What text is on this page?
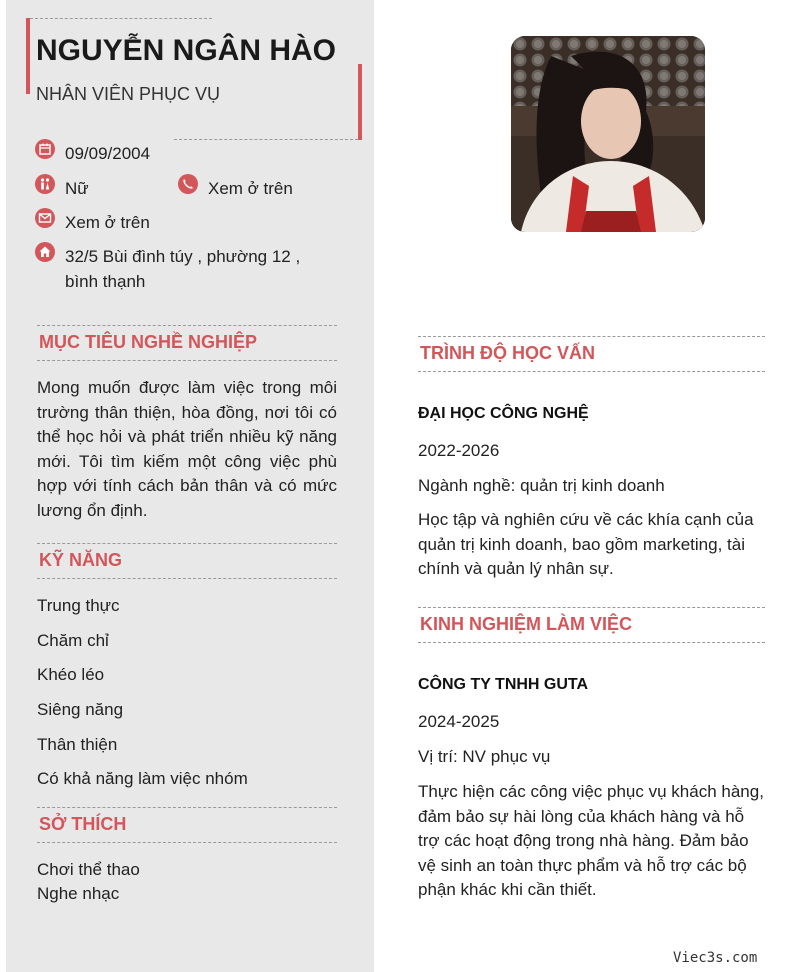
NGUYỄN NGÂN HÀO
NHÂN VIÊN PHỤC VỤ
09/09/2004
Nữ	Xem ở trên
Xem ở trên
32/5 Bùi đình túy , phường 12 ,
bình thạnh
MỤC TIÊU NGHỀ NGHIỆP
Mong muốn được làm việc trong môi trường thân thiện, hòa đồng, nơi tôi có thể học hỏi và phát triển nhiều kỹ năng mới. Tôi tìm kiếm một công việc phù hợp với tính cách bản thân và có mức lương ổn định.
KỸ NĂNG
Trung thực
Chăm chỉ
Khéo léo
Siêng năng
Thân thiện
Có khả năng làm việc nhóm
SỞ THÍCH
Chơi thể thao
Nghe nhạc
TRÌNH ĐỘ HỌC VẤN
ĐẠI HỌC CÔNG NGHỆ
2022-2026
Ngành nghề: quản trị kinh doanh
Học tập và nghiên cứu về các khía cạnh của quản trị kinh doanh, bao gồm marketing, tài chính và quản lý nhân sự.
KINH NGHIỆM LÀM VIỆC
CÔNG TY TNHH GUTA
2024-2025
Vị trí: NV phục vụ
Thực hiện các công việc phục vụ khách hàng, đảm bảo sự hài lòng của khách hàng và hỗ trợ các hoạt động trong nhà hàng. Đảm bảo vệ sinh an toàn thực phẩm và hỗ trợ các bộ phận khác khi cần thiết.
Viec3s.com
